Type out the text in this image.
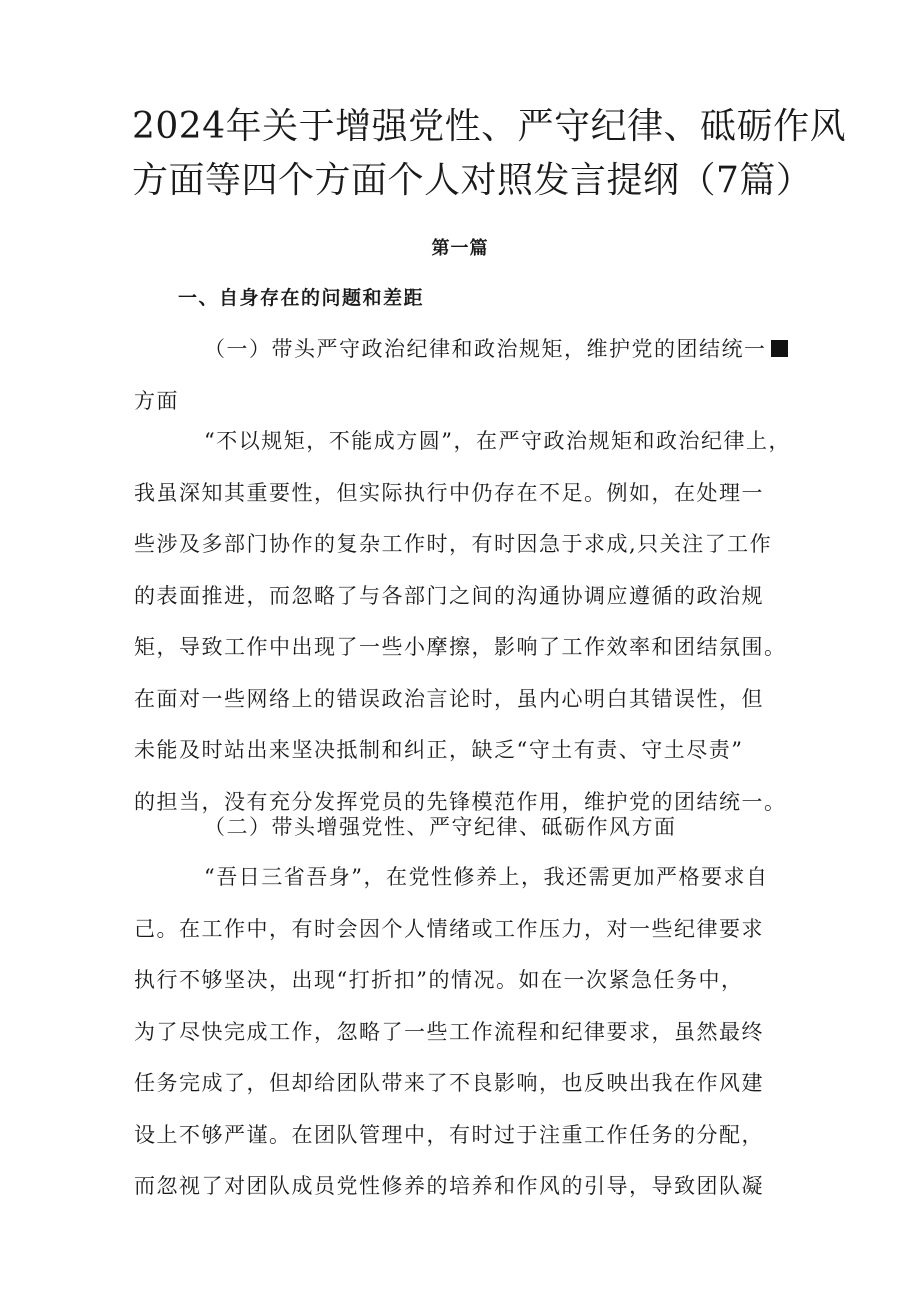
2024年关于增强党性、严守纪律、砥砺作风
方面等四个方面个人对照发言提纲（7篇）
第一篇
一、自身存在的问题和差距
（一）带头严守政治纪律和政治规矩，维护党的团结统一
方面
“不以规矩，不能成方圆”，在严守政治规矩和政治纪律上，
我虽深知其重要性，但实际执行中仍存在不足。例如，在处理一
些涉及多部门协作的复杂工作时，有时因急于求成,只关注了工作
的表面推进，而忽略了与各部门之间的沟通协调应遵循的政治规
矩，导致工作中出现了一些小摩擦，影响了工作效率和团结氛围。
在面对一些网络上的错误政治言论时，虽内心明白其错误性，但
未能及时站出来坚决抵制和纠正，缺乏“守土有责、守土尽责”
的担当，没有充分发挥党员的先锋模范作用，维护党的团结统一。
（二）带头增强党性、严守纪律、砥砺作风方面
“吾日三省吾身”，在党性修养上，我还需更加严格要求自
己。在工作中，有时会因个人情绪或工作压力，对一些纪律要求
执行不够坚决，出现“打折扣”的情况。如在一次紧急任务中，
为了尽快完成工作，忽略了一些工作流程和纪律要求，虽然最终
任务完成了，但却给团队带来了不良影响，也反映出我在作风建
设上不够严谨。在团队管理中，有时过于注重工作任务的分配，
而忽视了对团队成员党性修养的培养和作风的引导，导致团队凝
